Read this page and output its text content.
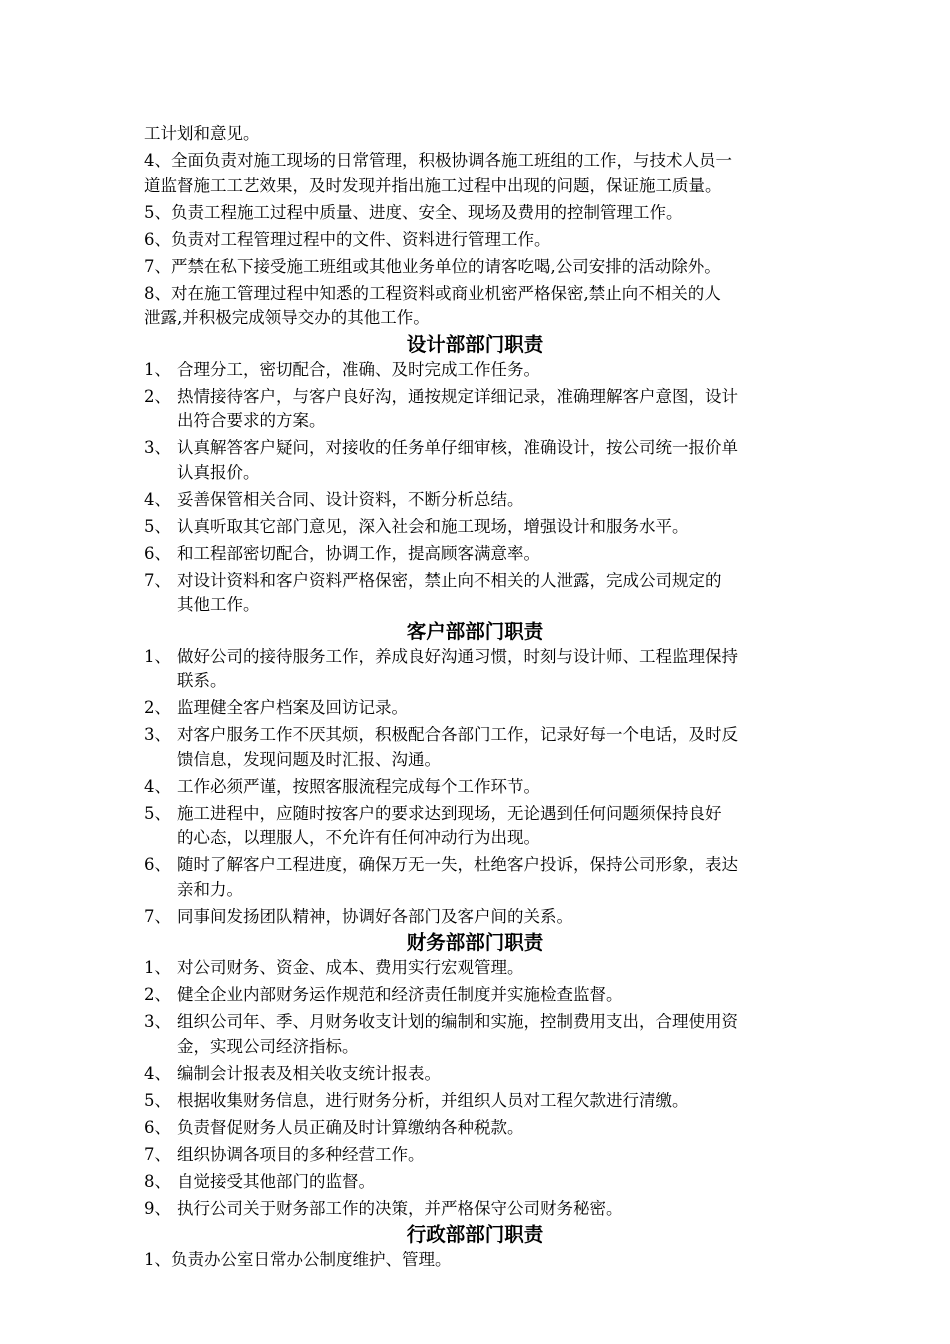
工计划和意见。
4、全面负责对施工现场的日常管理，积极协调各施工班组的工作，与技术人员一
道监督施工工艺效果，及时发现并指出施工过程中出现的问题，保证施工质量。
5、负责工程施工过程中质量、进度、安全、现场及费用的控制管理工作。
6、负责对工程管理过程中的文件、资料进行管理工作。
7、严禁在私下接受施工班组或其他业务单位的请客吃喝,公司安排的活动除外。
8、对在施工管理过程中知悉的工程资料或商业机密严格保密,禁止向不相关的人
泄露,并积极完成领导交办的其他工作。
设计部部门职责
1、 合理分工，密切配合，准确、及时完成工作任务。
2、 热情接待客户，与客户良好沟，通按规定详细记录，准确理解客户意图，设计
出符合要求的方案。
3、 认真解答客户疑问，对接收的任务单仔细审核，准确设计，按公司统一报价单
认真报价。
4、 妥善保管相关合同、设计资料，不断分析总结。
5、 认真听取其它部门意见，深入社会和施工现场，增强设计和服务水平。
6、 和工程部密切配合，协调工作，提高顾客满意率。
7、 对设计资料和客户资料严格保密，禁止向不相关的人泄露，完成公司规定的
其他工作。
客户部部门职责
1、 做好公司的接待服务工作，养成良好沟通习惯，时刻与设计师、工程监理保持
联系。
2、 监理健全客户档案及回访记录。
3、 对客户服务工作不厌其烦，积极配合各部门工作，记录好每一个电话，及时反
馈信息，发现问题及时汇报、沟通。
4、 工作必须严谨，按照客服流程完成每个工作环节。
5、 施工进程中，应随时按客户的要求达到现场，无论遇到任何问题须保持良好
的心态，以理服人，不允许有任何冲动行为出现。
6、 随时了解客户工程进度，确保万无一失，杜绝客户投诉，保持公司形象，表达
亲和力。
7、 同事间发扬团队精神，协调好各部门及客户间的关系。
财务部部门职责
1、 对公司财务、资金、成本、费用实行宏观管理。
2、 健全企业内部财务运作规范和经济责任制度并实施检查监督。
3、 组织公司年、季、月财务收支计划的编制和实施，控制费用支出，合理使用资
金，实现公司经济指标。
4、 编制会计报表及相关收支统计报表。
5、 根据收集财务信息，进行财务分析，并组织人员对工程欠款进行清缴。
6、 负责督促财务人员正确及时计算缴纳各种税款。
7、 组织协调各项目的多种经营工作。
8、 自觉接受其他部门的监督。
9、 执行公司关于财务部工作的决策，并严格保守公司财务秘密。
行政部部门职责
1、负责办公室日常办公制度维护、管理。
